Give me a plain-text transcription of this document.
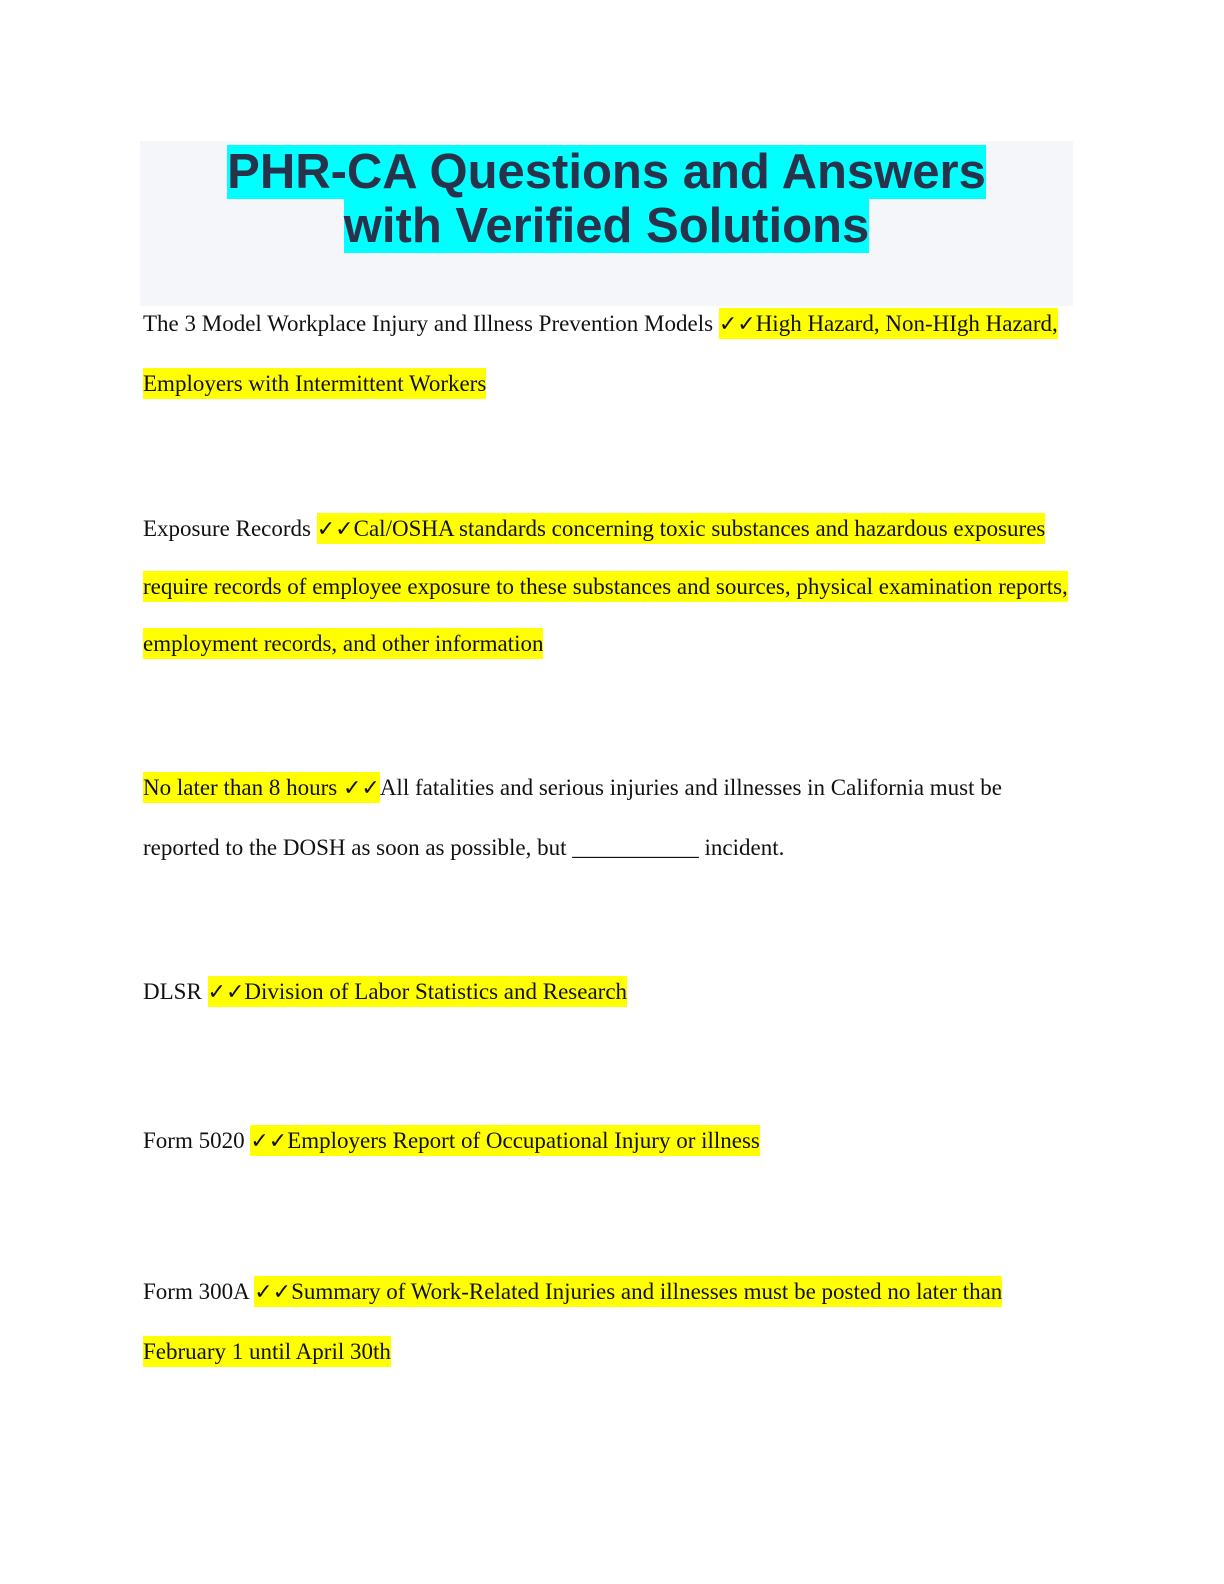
PHR-CA Questions and Answers with Verified Solutions

The 3 Model Workplace Injury and Illness Prevention Models ✓✓High Hazard, Non-HIgh Hazard, Employers with Intermittent Workers

Exposure Records ✓✓Cal/OSHA standards concerning toxic substances and hazardous exposures require records of employee exposure to these substances and sources, physical examination reports, employment records, and other information

No later than 8 hours ✓✓All fatalities and serious injuries and illnesses in California must be reported to the DOSH as soon as possible, but ___________ incident.

DLSR ✓✓Division of Labor Statistics and Research

Form 5020 ✓✓Employers Report of Occupational Injury or illness

Form 300A ✓✓Summary of Work-Related Injuries and illnesses must be posted no later than February 1 until April 30th
